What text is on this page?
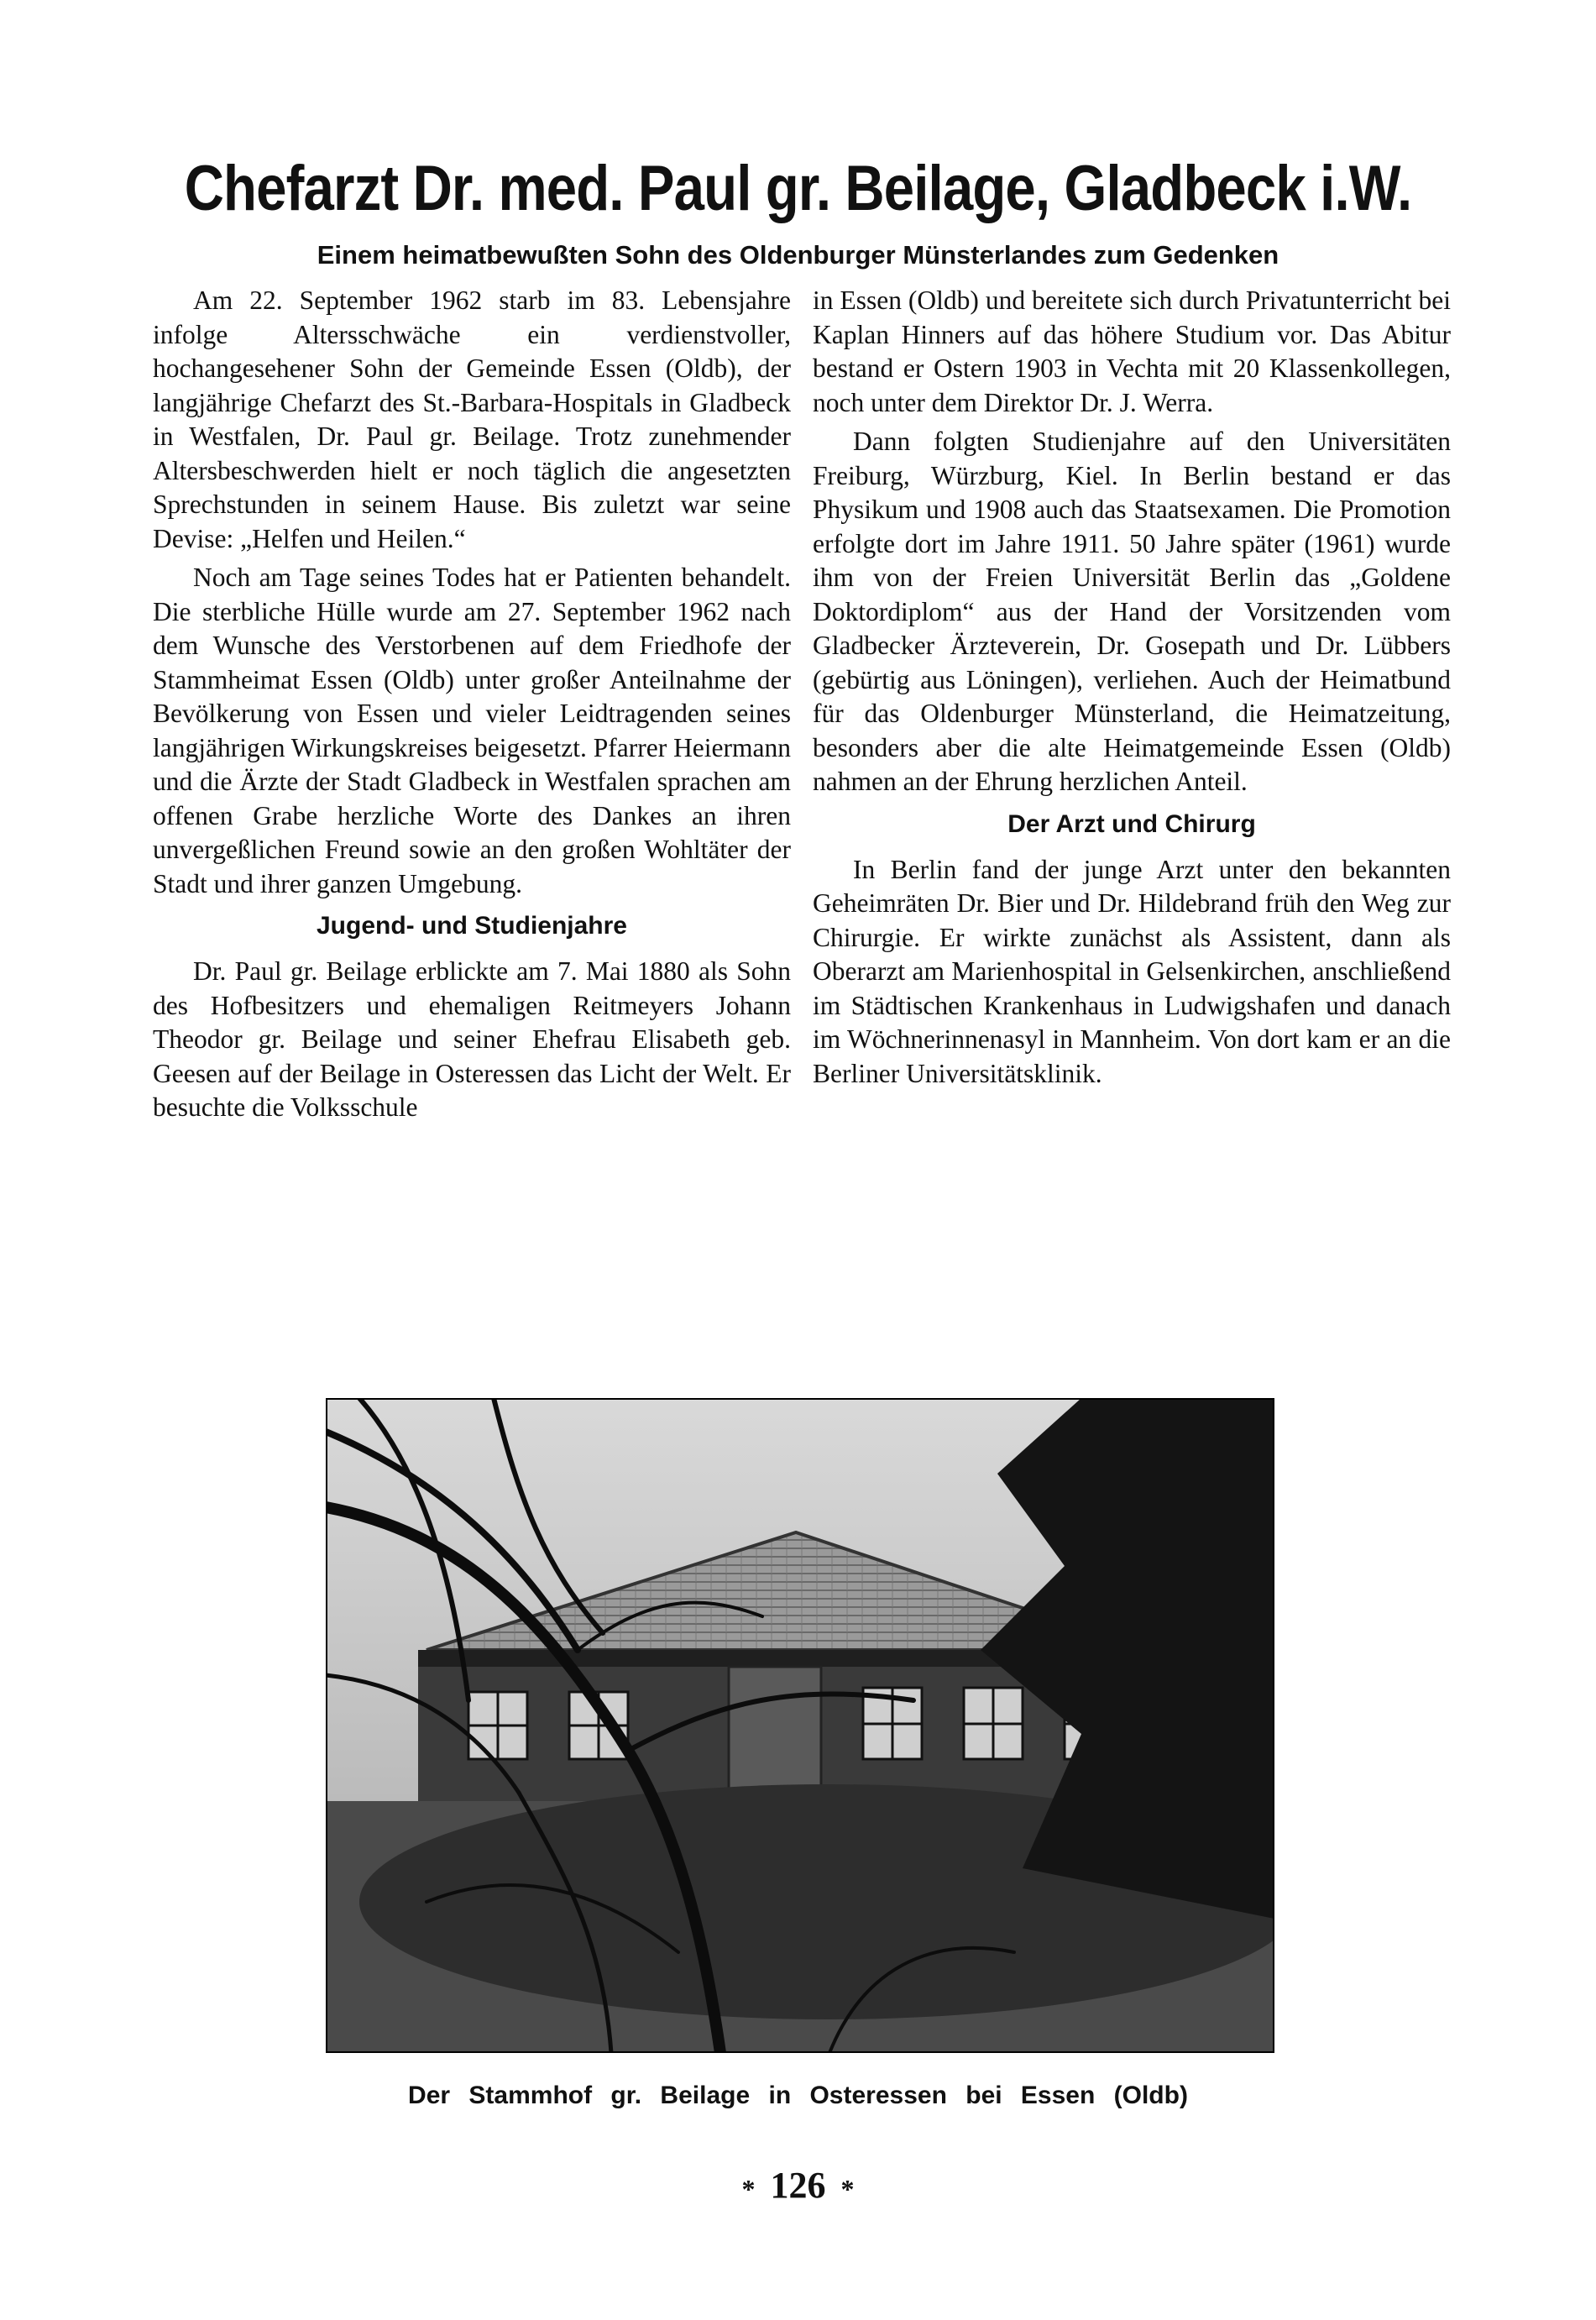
Chefarzt Dr. med. Paul gr. Beilage, Gladbeck i.W.
Einem heimatbewußten Sohn des Oldenburger Münsterlandes zum Gedenken

Am 22. September 1962 starb im 83. Lebensjahre infolge Altersschwäche ein verdienstvoller, hochangesehener Sohn der Gemeinde Essen (Oldb), der langjährige Chefarzt des St.-Barbara-Hospitals in Gladbeck in Westfalen, Dr. Paul gr. Beilage. Trotz zunehmender Altersbeschwerden hielt er noch täglich die angesetzten Sprechstunden in seinem Hause. Bis zuletzt war seine Devise: „Helfen und Heilen.“

Noch am Tage seines Todes hat er Patienten behandelt. Die sterbliche Hülle wurde am 27. September 1962 nach dem Wunsche des Verstorbenen auf dem Friedhofe der Stammheimat Essen (Oldb) unter großer Anteilnahme der Bevölkerung von Essen und vieler Leidtragenden seines langjährigen Wirkungskreises beigesetzt. Pfarrer Heiermann und die Ärzte der Stadt Gladbeck in Westfalen sprachen am offenen Grabe herzliche Worte des Dankes an ihren unvergeßlichen Freund sowie an den großen Wohltäter der Stadt und ihrer ganzen Umgebung.

Jugend- und Studienjahre

Dr. Paul gr. Beilage erblickte am 7. Mai 1880 als Sohn des Hofbesitzers und ehemaligen Reitmeyers Johann Theodor gr. Beilage und seiner Ehefrau Elisabeth geb. Geesen auf der Beilage in Osteressen das Licht der Welt. Er besuchte die Volksschule

in Essen (Oldb) und bereitete sich durch Privatunterricht bei Kaplan Hinners auf das höhere Studium vor. Das Abitur bestand er Ostern 1903 in Vechta mit 20 Klassenkollegen, noch unter dem Direktor Dr. J. Werra.

Dann folgten Studienjahre auf den Universitäten Freiburg, Würzburg, Kiel. In Berlin bestand er das Physikum und 1908 auch das Staatsexamen. Die Promotion erfolgte dort im Jahre 1911. 50 Jahre später (1961) wurde ihm von der Freien Universität Berlin das „Goldene Doktordiplom“ aus der Hand der Vorsitzenden vom Gladbecker Ärzteverein, Dr. Gosepath und Dr. Lübbers (gebürtig aus Löningen), verliehen. Auch der Heimatbund für das Oldenburger Münsterland, die Heimatzeitung, besonders aber die alte Heimatgemeinde Essen (Oldb) nahmen an der Ehrung herzlichen Anteil.

Der Arzt und Chirurg

In Berlin fand der junge Arzt unter den bekannten Geheimräten Dr. Bier und Dr. Hildebrand früh den Weg zur Chirurgie. Er wirkte zunächst als Assistent, dann als Oberarzt am Marienhospital in Gelsenkirchen, anschließend im Städtischen Krankenhaus in Ludwigshafen und danach im Wöchnerinnenasyl in Mannheim. Von dort kam er an die Berliner Universitätsklinik.

Der Stammhof gr. Beilage in Osteressen bei Essen (Oldb)
* 126 *
